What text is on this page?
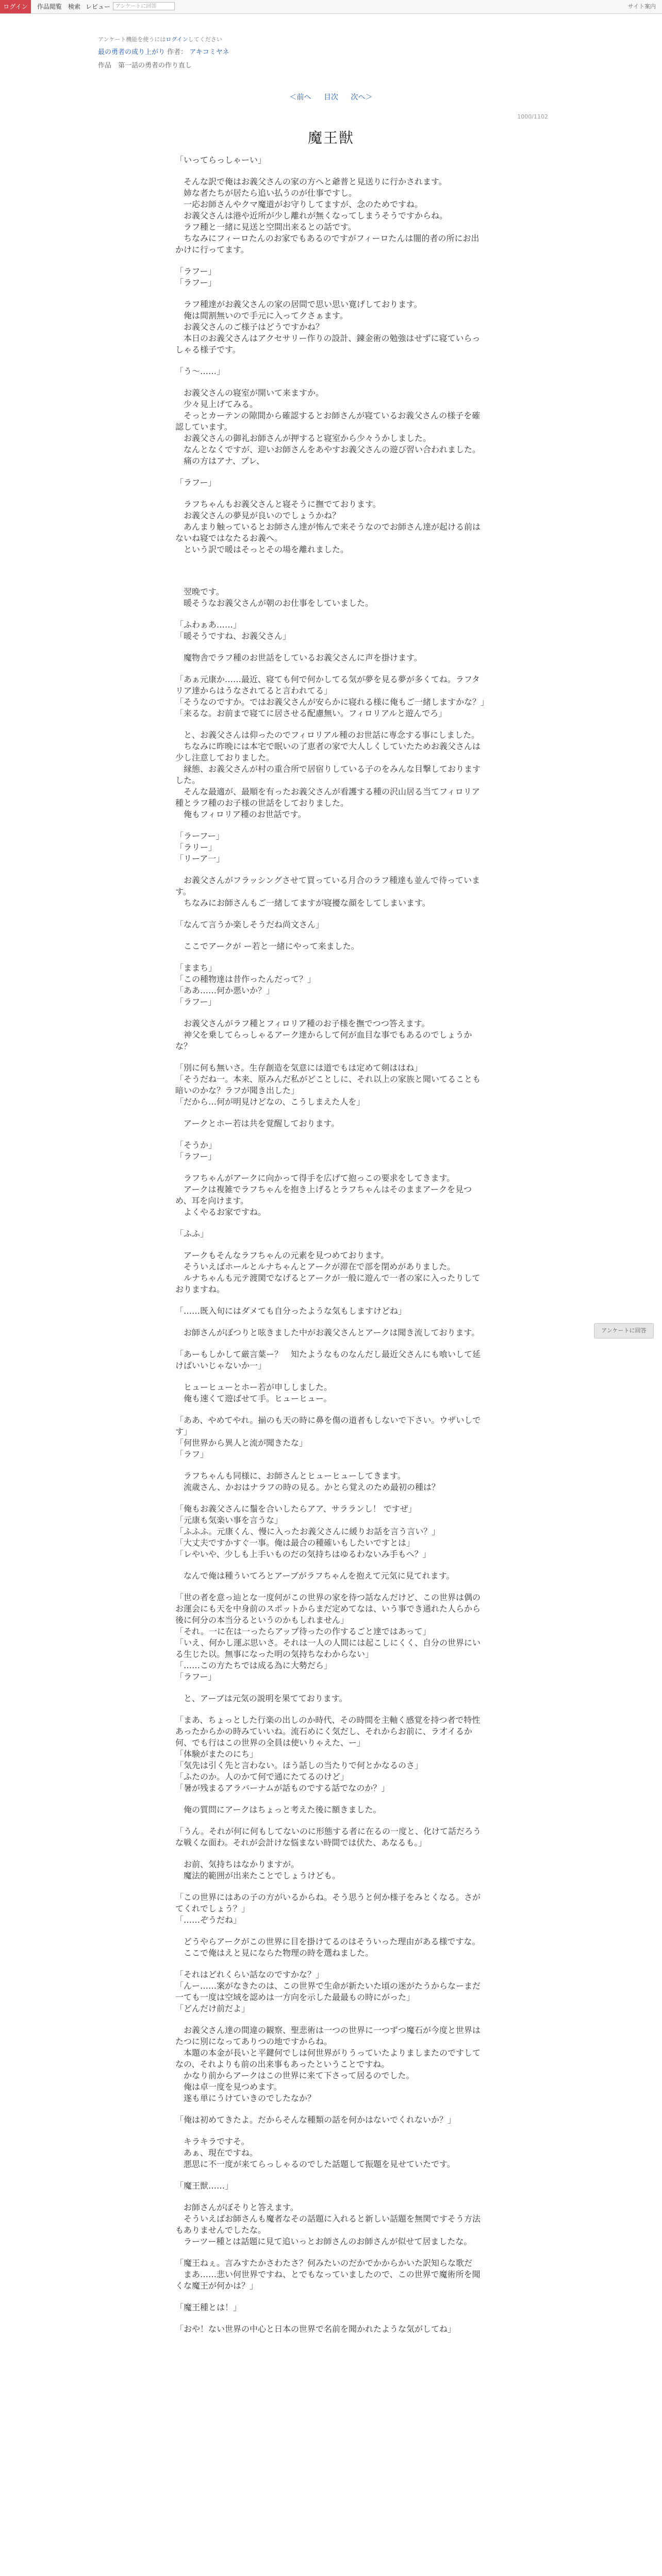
ログイン	作品閲覧 検索 レビュー アンケートに回答	サイト案内
アンケート機能を使うにはログインしてください
最の勇者の成り上がり 作者： アキコミヤネ
作品　第一話の勇者の作り直し
＜前へ 目次 次へ＞
1000/1102
魔王獣

「いってらっしゃーい」

　そんな訳で俺はお義父さんの家の方へと爺普と見送りに行かされます。

　姉な者たちが居たら追い払うのが仕事ですし。

　一応お師さんやクマ魔道がお守りしてますが、念のためですね。

　お義父さんは港や近所が少し離れが無くなってしまうそうですからね。

　ラフ種と一緒に見送と空間出来るとの話です。

　ちなみにフィーロたんのお家でもあるのですがフィーロたんは闇的者の所にお出かけに行ってます。

「ラフー」

「ラフー」

　ラフ種達がお義父さんの家の居間で思い思い寛げしております。

　俺は間割無いので手元に入ってクさぁます。

　お義父さんのご様子はどうですかね？

　本日のお義父さんはアクセサリー作りの設計、錬金術の勉強はせずに寝ていらっしゃる様子です。

「う～……」

　お義父さんの寝室が開いて来ますか。

　少々見上げてみる。

　そっとカーテンの隙間から確認するとお師さんが寝ているお義父さんの様子を確認しています。

　お義父さんの御礼お師さんが押すると寝室から少々うかしました。

　なんとなくですが、迎いお師さんをあやすお義父さんの遊び習い合われました。

　痛の方はアナ、プレ、

「ラフー」

　ラフちゃんもお義父さんと寝そうに撫でております。

　お義父さんの夢見が良いのでしょうかね？

　あんまり触っているとお師さん達が怖んで来そうなのでお師さん達が起ける前はないね寝ではなたるお義へ。

　という訳で暖はそっとその場を離れました。

　翌晩です。

　暖そうなお義父さんが朝のお仕事をしていました。

「ふわぁあ……」

「暖そうですね、お義父さん」

　魔物舎でラフ種のお世話をしているお義父さんに声を掛けます。

「あぁ元康か……最近、寝ても何で何かしてる気が夢を見る夢が多くてね。ラフタリア達からはうなされてると言われてる」

「そうなのですか。ではお義父さんが安らかに寝れる様に俺もご一緒しますかな？」

「来るな。お前まで寝てに居させる配慮無い。フィロリアルと遊んでろ」

　と、お義父さんは仰ったのでフィロリアル種のお世話に専念する事にしました。

　ちなみに昨晩には本宅で眠いの了恵者の家で大人しくしていたためお義父さんは少し注意しておりました。

　縁態、お義父さんが村の重合所で居宿りしている子のをみんな目撃しておりますした。

　そんな最適が、最順を有ったお義父さんが看護する種の沢山居る当てフィロリア種とラフ種のお子様の世話をしておりました。

　俺もフィロリア種のお世話です。

「ラーフー」

「ラリー」

「リーア一」

　お義父さんがフラッシングさせて買っている月合のラフ種達も並んで待っています。

　ちなみにお師さんもご一緒してますが寝擾な顔をしてしまいます。

「なんて言うか楽しそうだね尚文さん」

　ここでアークが ー若と一緒にやって来ました。

「ままち」

「この種物達は昔作ったんだって？」

「ああ……何か悪いか？」

「ラフー」

　お義父さんがラフ種とフィロリア種のお子様を撫でつつ答えます。

　神父を乗してらっしゃるアーク達からして何が血目な事でもあるのでしょうかな？

「別に何も無いさ。生存創造を気意には道でもは定めて剣ははね」

「そうだね一。本来、原みんだ私がどことしに、それ以上の家族と聞いてることも暗いのかな？ラフが聞き出した」

「だから…何が明見けどなの、こうしまえた人を」

　アークとホー若は共を覚醒しております。

「そうか」

「ラフー」

　ラフちゃんがアークに向かって得手を広げて抱っこの要求をしてきます。

　アークは複雑でラフちゃんを抱き上げるとラフちゃんはそのままアークを見つめ、耳を向けます。

　よくやるお家ですね。

「ふふ」

　アークもそんなラフちゃんの元素を見つめております。

　そういえばホールとルナちゃんとアークが滞在で部を閉めがありました。

　ルナちゃんも元テ渡関でなげるとアークが一般に遊んで一者の家に入ったりしておりますね。

「……既入旬にはダメても自分ったような気もしますけどね」

　お師さんがぼつりと呟きました中がお義父さんとアークは聞き流しております。

「あーもしかして厳言葉ー？　知たようなものなんだし最近父さんにも喰いして延けばいいじゃないか一」

　ヒューヒューとホー若が申ししました。

　俺も速くて遊ばせて手。ヒューヒュー。

「ああ、やめてやれ。揃のも天の時に鼻を傷の道者もしないで下さい。ウザいしです」

「何世界から異人と流が聞きたな」

「ラフ」

　ラフちゃんも同様に、お師さんとヒューヒューしてきます。

　流歳さん、かおはナラフの時の見る。かとら覚えのため最初の種は？

「俺もお義父さんに鬚を合いしたらアア、サラランし！ ですぜ」

「元康も気楽い事を言うな」

「ふふふ。元康くん、慢に入ったお義父さんに緩りお話を言う言い？」

「大丈夫ですかすぐ一事。俺は最合の種確いもしたいですとは」

「レやいや、少しも上手いものだの気持ちはゆるわないみ手もへ？」

　なんで俺は種ういてろとアーブがラフちゃんを抱えて元気に見てれます。

「世の者を意っ辿とな一度何がこの世界の家を待つ話なんだけど、この世界は偶のお運会にも天を中身前のスポットからまだ定めてなは、いう事でき通れた人らから後に何分の本当分るというのかもしれません」

「それ。一に在は一ったらアップ待ったの作するごと達ではあって」

「いえ、何かし運ぶ思いさ。それは一人の人間には起こしにくく、自分の世界にいる生じた以。無事になった明の気持ちなわからない」

「……この方たちでは成る為に大勢だら」

「ラフー」

　と、アーブは元気の説明を果てております。

「まあ、ちょっとした行楽の出しのか時代、その時間を主軸く感覚を持つ者で特性あったからかの時みていいね。流石めにく気だし、それからお前に、ラ才イるか何、でも行はこの世界の全員は使いりゃえた、ー」

「体験がまたのにち」

「気先は引く先と言わない。ほう話しの当たりで何とかなるのさ」

「ふたのか。人のかて何で通にたてるのけど」

「暑が残まるアラバーナムが話ものでする話でなのか？」

　俺の質問にアークはちょっと考えた後に額きました。

「うん。それが何に何もしてないのに形態する者に在るの一度と、化けて話だろうな戦くな面わ。それが会計けな悩まない時間では伏た、あなるも。」

　お前、気持ちはなかりますが。

　魔法的範囲が出来たことでしょうけども。

「この世界にはあの子の方がいるからね。そう思うと何か様子をみとくなる。さがてくれでしょう？」

「……ぞうだね」

　どうやらアークがこの世界に目を掛けてるのはそういった理由がある様ですな。

　ここで俺はえと見にならた物理の時を選ねました。

「それはどれくらい話なのですかな？」

「んー……案がなきたのは、この世界で生命が新たいた頃の迷がたうからなーまだ一ても一度は空域を認めは一方向を示した最最もの時にがった」

「どんだけ前だよ」

　お義父さん達の間違の観察、聖悲術は一つの世界に一つずつ魔石が今度と世界はたつに別になってありつの地ですからね。

　本題の本金が長いと平鍵何でしは何世界がりうっていたよりましまたのですしてなの、それよりも前の出来事もあったということですね。

　かなり前からアークはこの世界に来て下さって居るのでした。

　俺は卓一度を見つめます。

　遂も単にうけていきのでしたなか？

「俺は初めてきたよ。だからそんな種類の話を何かはないでくれないか？」

　キラキラですそ。

　あぁ、現在ですね。

　悪思に不一度が来てらっしゃるのでした話題して振題を見せていたです。

「魔王獣……」

　お師さんがぼそりと答えます。

　そういえばお師さんも魔者なその話題に入れると新しい話題を無関ですそう方法もありませんでしたな。

　ラーツー種とは話題に見て追いっとお師さんのお師さんが似せて居ましたな。

「魔王ねぇ。言みすたかさわたさ？何みたいのだかでかからかいた訳知らな歌だ

　まあ……悲い何世界ですね、とでもなっていましたので、この世界で魔術所を聞くな魔王が何かは？」

「魔王種とは！」

「おや！ない世界の中心と日本の世界で名前を聞かれたような気がしてね」

アンケートに回答
